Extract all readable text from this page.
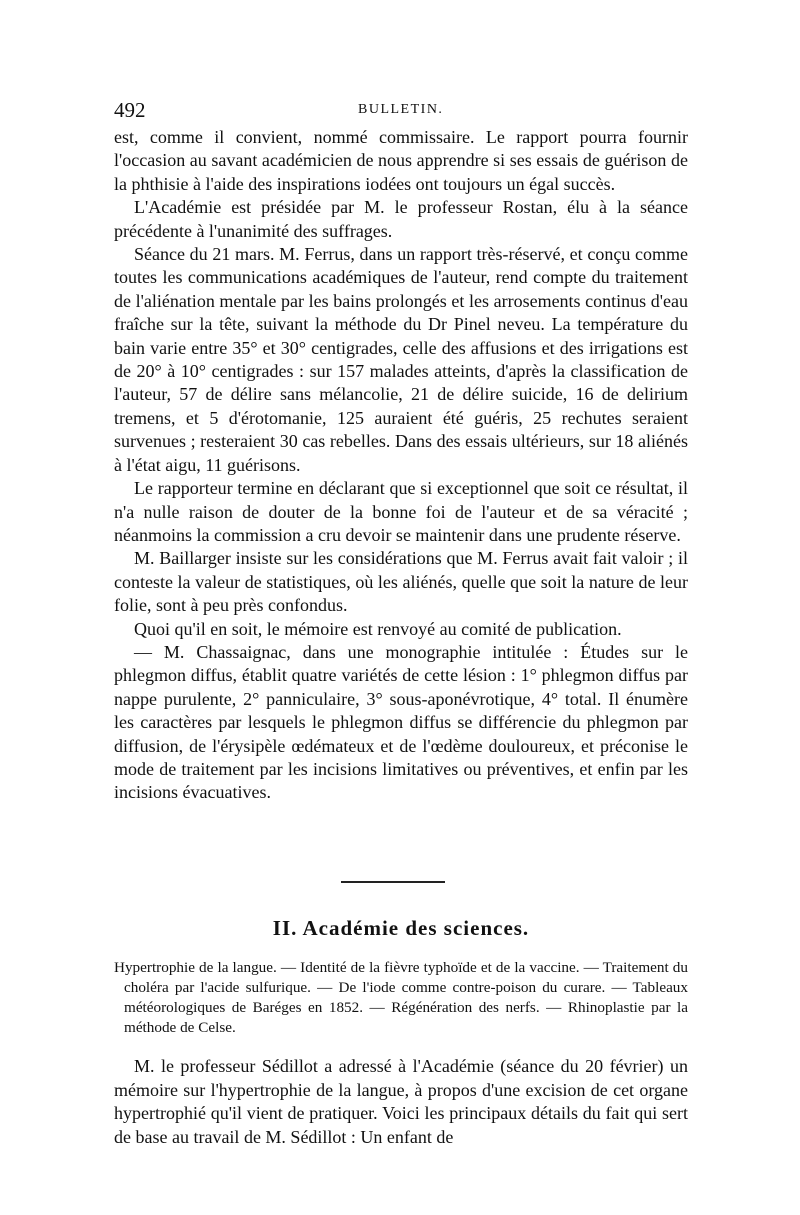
492	BULLETIN.

est, comme il convient, nommé commissaire. Le rapport pourra fournir l'occasion au savant académicien de nous apprendre si ses essais de guérison de la phthisie à l'aide des inspirations iodées ont toujours un égal succès.

L'Académie est présidée par M. le professeur Rostan, élu à la séance précédente à l'unanimité des suffrages.

Séance du 21 mars. M. Ferrus, dans un rapport très-réservé, et conçu comme toutes les communications académiques de l'auteur, rend compte du traitement de l'aliénation mentale par les bains prolongés et les arrosements continus d'eau fraîche sur la tête, suivant la méthode du Dr Pinel neveu. La température du bain varie entre 35° et 30° centigrades, celle des affusions et des irrigations est de 20° à 10° centigrades : sur 157 malades atteints, d'après la classification de l'auteur, 57 de délire sans mélancolie, 21 de délire suicide, 16 de delirium tremens, et 5 d'érotomanie, 125 auraient été guéris, 25 rechutes seraient survenues ; resteraient 30 cas rebelles. Dans des essais ultérieurs, sur 18 aliénés à l'état aigu, 11 guérisons.

Le rapporteur termine en déclarant que si exceptionnel que soit ce résultat, il n'a nulle raison de douter de la bonne foi de l'auteur et de sa véracité ; néanmoins la commission a cru devoir se maintenir dans une prudente réserve.

M. Baillarger insiste sur les considérations que M. Ferrus avait fait valoir ; il conteste la valeur de statistiques, où les aliénés, quelle que soit la nature de leur folie, sont à peu près confondus.

Quoi qu'il en soit, le mémoire est renvoyé au comité de publication.

— M. Chassaignac, dans une monographie intitulée : Études sur le phlegmon diffus, établit quatre variétés de cette lésion : 1° phlegmon diffus par nappe purulente, 2° panniculaire, 3° sous-aponévrotique, 4° total. Il énumère les caractères par lesquels le phlegmon diffus se différencie du phlegmon par diffusion, de l'érysipèle œdémateux et de l'œdème douloureux, et préconise le mode de traitement par les incisions limitatives ou préventives, et enfin par les incisions évacuatives.

II. Académie des sciences.
Hypertrophie de la langue. — Identité de la fièvre typhoïde et de la vaccine. — Traitement du choléra par l'acide sulfurique. — De l'iode comme contre-poison du curare. — Tableaux météorologiques de Baréges en 1852. — Régénération des nerfs. — Rhinoplastie par la méthode de Celse.

M. le professeur Sédillot a adressé à l'Académie (séance du 20 février) un mémoire sur l'hypertrophie de la langue, à propos d'une excision de cet organe hypertrophié qu'il vient de pratiquer. Voici les principaux détails du fait qui sert de base au travail de M. Sédillot : Un enfant de
